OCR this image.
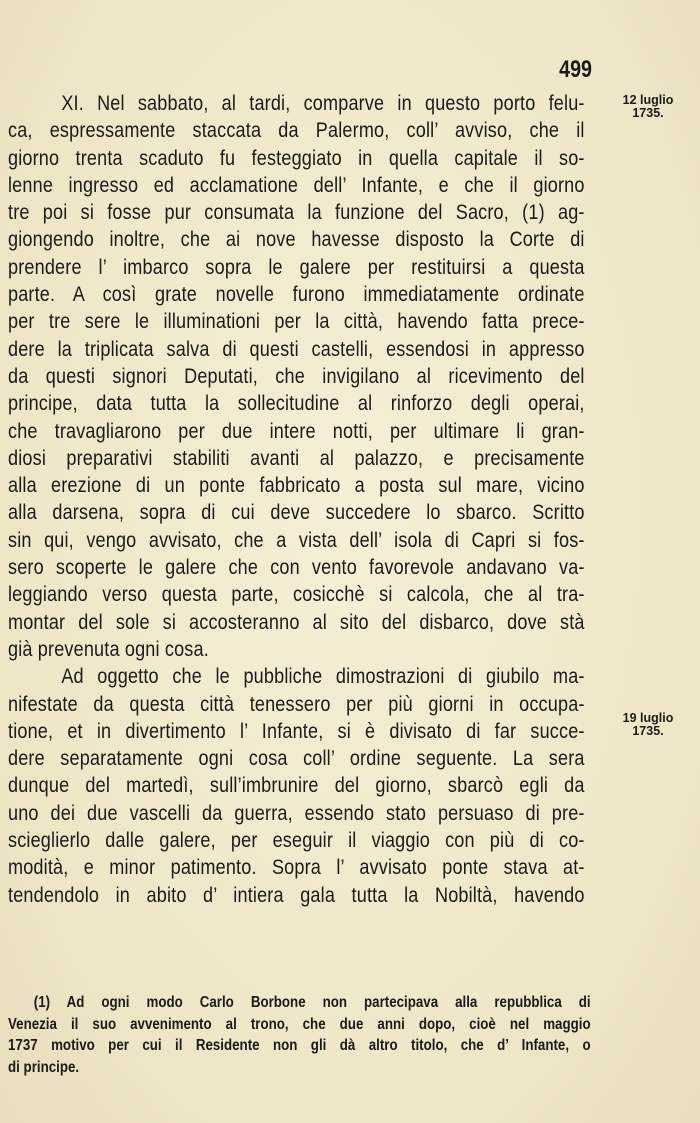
499
12 luglio
1735.
19 luglio
1735.
XI. Nel sabbato, al tardi, comparve in questo porto felu-
ca, espressamente staccata da Palermo, coll’ avviso, che il
giorno trenta scaduto fu festeggiato in quella capitale il so-
lenne ingresso ed acclamatione dell’ Infante, e che il giorno
tre poi si fosse pur consumata la funzione del Sacro, (1) ag-
giongendo inoltre, che ai nove havesse disposto la Corte di
prendere l’ imbarco sopra le galere per restituirsi a questa
parte. A così grate novelle furono immediatamente ordinate
per tre sere le illuminationi per la città, havendo fatta prece-
dere la triplicata salva di questi castelli, essendosi in appresso
da questi signori Deputati, che invigilano al ricevimento del
principe, data tutta la sollecitudine al rinforzo degli operai,
che travagliarono per due intere notti, per ultimare li gran-
diosi preparativi stabiliti avanti al palazzo, e precisamente
alla erezione di un ponte fabbricato a posta sul mare, vicino
alla darsena, sopra di cui deve succedere lo sbarco. Scritto
sin qui, vengo avvisato, che a vista dell’ isola di Capri si fos-
sero scoperte le galere che con vento favorevole andavano va-
leggiando verso questa parte, cosicchè si calcola, che al tra-
montar del sole si accosteranno al sito del disbarco, dove stà
già prevenuta ogni cosa.
Ad oggetto che le pubbliche dimostrazioni di giubilo ma-
nifestate da questa città tenessero per più giorni in occupa-
tione, et in divertimento l’ Infante, si è divisato di far succe-
dere separatamente ogni cosa coll’ ordine seguente. La sera
dunque del martedì, sull’imbrunire del giorno, sbarcò egli da
uno dei due vascelli da guerra, essendo stato persuaso di pre-
scieglierlo dalle galere, per eseguir il viaggio con più di co-
modità, e minor patimento. Sopra l’ avvisato ponte stava at-
tendendolo in abito d’ intiera gala tutta la Nobiltà, havendo
(1) Ad ogni modo Carlo Borbone non partecipava alla repubblica di
Venezia il suo avvenimento al trono, che due anni dopo, cioè nel maggio
1737 motivo per cui il Residente non gli dà altro titolo, che d’ Infante, o
di principe.
